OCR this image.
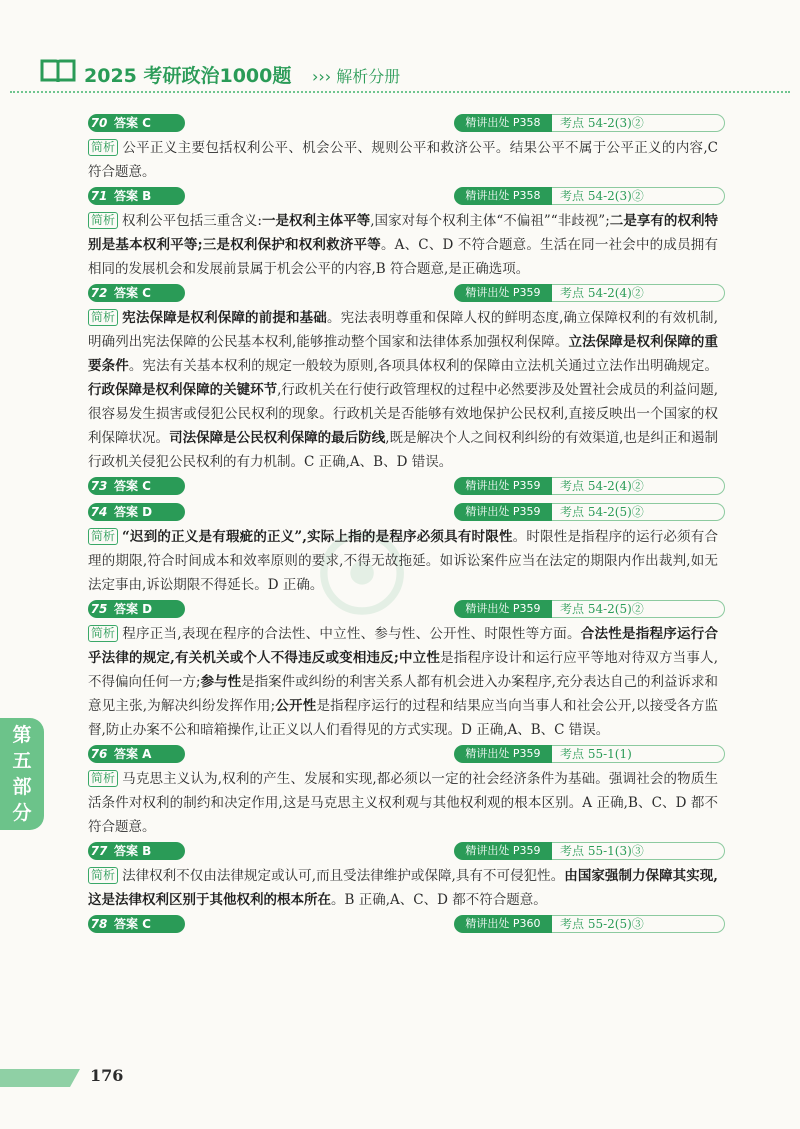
2025 考研政治1000题 ››› 解析分册
☉
70 答案 C	精讲出处 P358	考点 54-2(3)②
简析 公平正义主要包括权利公平、机会公平、规则公平和救济公平。结果公平不属于公平正义的内容,C 符合题意。
71 答案 B	精讲出处 P358	考点 54-2(3)②
简析 权利公平包括三重含义:一是权利主体平等,国家对每个权利主体“不偏祖”“非歧视”;二是享有的权利特别是基本权利平等;三是权利保护和权利救济平等。A、C、D 不符合题意。生活在同一社会中的成员拥有相同的发展机会和发展前景属于机会公平的内容,B 符合题意,是正确选项。
72 答案 C	精讲出处 P359	考点 54-2(4)②
简析 宪法保障是权利保障的前提和基础。宪法表明尊重和保障人权的鲜明态度,确立保障权利的有效机制,明确列出宪法保障的公民基本权利,能够推动整个国家和法律体系加强权利保障。立法保障是权利保障的重要条件。宪法有关基本权利的规定一般较为原则,各项具体权利的保障由立法机关通过立法作出明确规定。行政保障是权利保障的关键环节,行政机关在行使行政管理权的过程中必然要涉及处置社会成员的利益问题,很容易发生损害或侵犯公民权利的现象。行政机关是否能够有效地保护公民权利,直接反映出一个国家的权利保障状况。司法保障是公民权利保障的最后防线,既是解决个人之间权利纠纷的有效渠道,也是纠正和遏制行政机关侵犯公民权利的有力机制。C 正确,A、B、D 错误。
73 答案 C	精讲出处 P359	考点 54-2(4)②
74 答案 D	精讲出处 P359	考点 54-2(5)②
简析 “迟到的正义是有瑕疵的正义”,实际上指的是程序必须具有时限性。时限性是指程序的运行必须有合理的期限,符合时间成本和效率原则的要求,不得无故拖延。如诉讼案件应当在法定的期限内作出裁判,如无法定事由,诉讼期限不得延长。D 正确。
75 答案 D	精讲出处 P359	考点 54-2(5)②
简析 程序正当,表现在程序的合法性、中立性、参与性、公开性、时限性等方面。合法性是指程序运行合乎法律的规定,有关机关或个人不得违反或变相违反;中立性是指程序设计和运行应平等地对待双方当事人,不得偏向任何一方;参与性是指案件或纠纷的利害关系人都有机会进入办案程序,充分表达自己的利益诉求和意见主张,为解决纠纷发挥作用;公开性是指程序运行的过程和结果应当向当事人和社会公开,以接受各方监督,防止办案不公和暗箱操作,让正义以人们看得见的方式实现。D 正确,A、B、C 错误。
76 答案 A	精讲出处 P359	考点 55-1(1)
简析 马克思主义认为,权利的产生、发展和实现,都必须以一定的社会经济条件为基础。强调社会的物质生活条件对权利的制约和决定作用,这是马克思主义权利观与其他权利观的根本区别。A 正确,B、C、D 都不符合题意。
77 答案 B	精讲出处 P359	考点 55-1(3)③
简析 法律权利不仅由法律规定或认可,而且受法律维护或保障,具有不可侵犯性。由国家强制力保障其实现,这是法律权利区别于其他权利的根本所在。B 正确,A、C、D 都不符合题意。
78 答案 C	精讲出处 P360	考点 55-2(5)③
第
五
部
分
176
